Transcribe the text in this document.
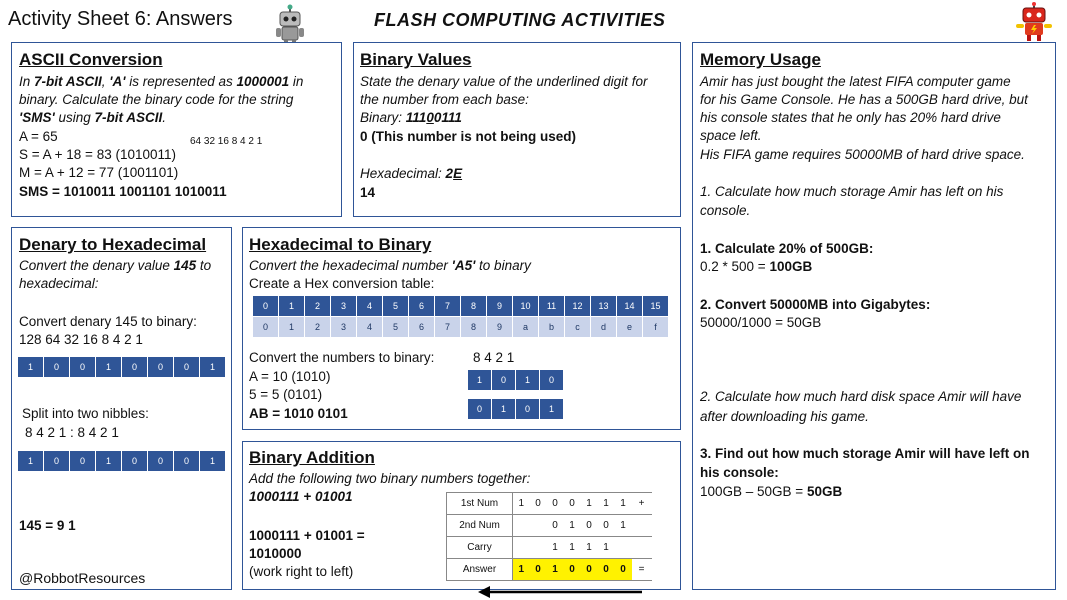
Activity Sheet 6: Answers	FLASH COMPUTING ACTIVITIES
ASCII Conversion
In 7-bit ASCII, 'A' is represented as 1000001 in
binary. Calculate the binary code for the string
'SMS' using 7-bit ASCII.
A = 65	64 32 16 8 4 2 1
S = A + 18 = 83 (1010011)
M = A + 12 = 77 (1001101)
SMS = 1010011 1001101 1010011
Binary Values
State the denary value of the underlined digit for
the number from each base:
Binary: 11100111
0 (This number is not being used)
Hexadecimal: 2E
14
Memory Usage
Amir has just bought the latest FIFA computer game
for his Game Console. He has a 500GB hard drive, but
his console states that he only has 20% hard drive
space left.
His FIFA game requires 50000MB of hard drive space.
1. Calculate how much storage Amir has left on his
console.
1. Calculate 20% of 500GB:
0.2 * 500 = 100GB
2. Convert 50000MB into Gigabytes:
50000/1000 = 50GB
2. Calculate how much hard disk space Amir will have
after downloading his game.
3. Find out how much storage Amir will have left on
his console:
100GB – 50GB = 50GB
Denary to Hexadecimal
Convert the denary value 145 to
hexadecimal:
Convert denary 145 to binary:
128 64 32 16 8 4 2 1
1	0	0	1	0	0	0	1
Split into two nibbles:
8 4 2 1 : 8 4 2 1
1	0	0	1	0	0	0	1
145 = 9 1
@RobbotResources
Hexadecimal to Binary
Convert the hexadecimal number 'A5' to binary
Create a Hex conversion table:
0	1	2	3	4	5	6	7	8	9	10	11	12	13	14	15
0	1	2	3	4	5	6	7	8	9	a	b	c	d	e	f
Convert the numbers to binary:	8 4 2 1
A = 10 (1010)	1	0	1	0
5 = 5 (0101)
AB = 1010 0101	0	1	0	1
Binary Addition
Add the following two binary numbers together:
1000111 + 01001
1000111 + 01001 =
1010000
(work right to left)
1st Num	1	0	0	0	1	1	1	+
2nd Num			0	1	0	0	1	
Carry			1	1	1	1		
Answer	1	0	1	0	0	0	0	=
